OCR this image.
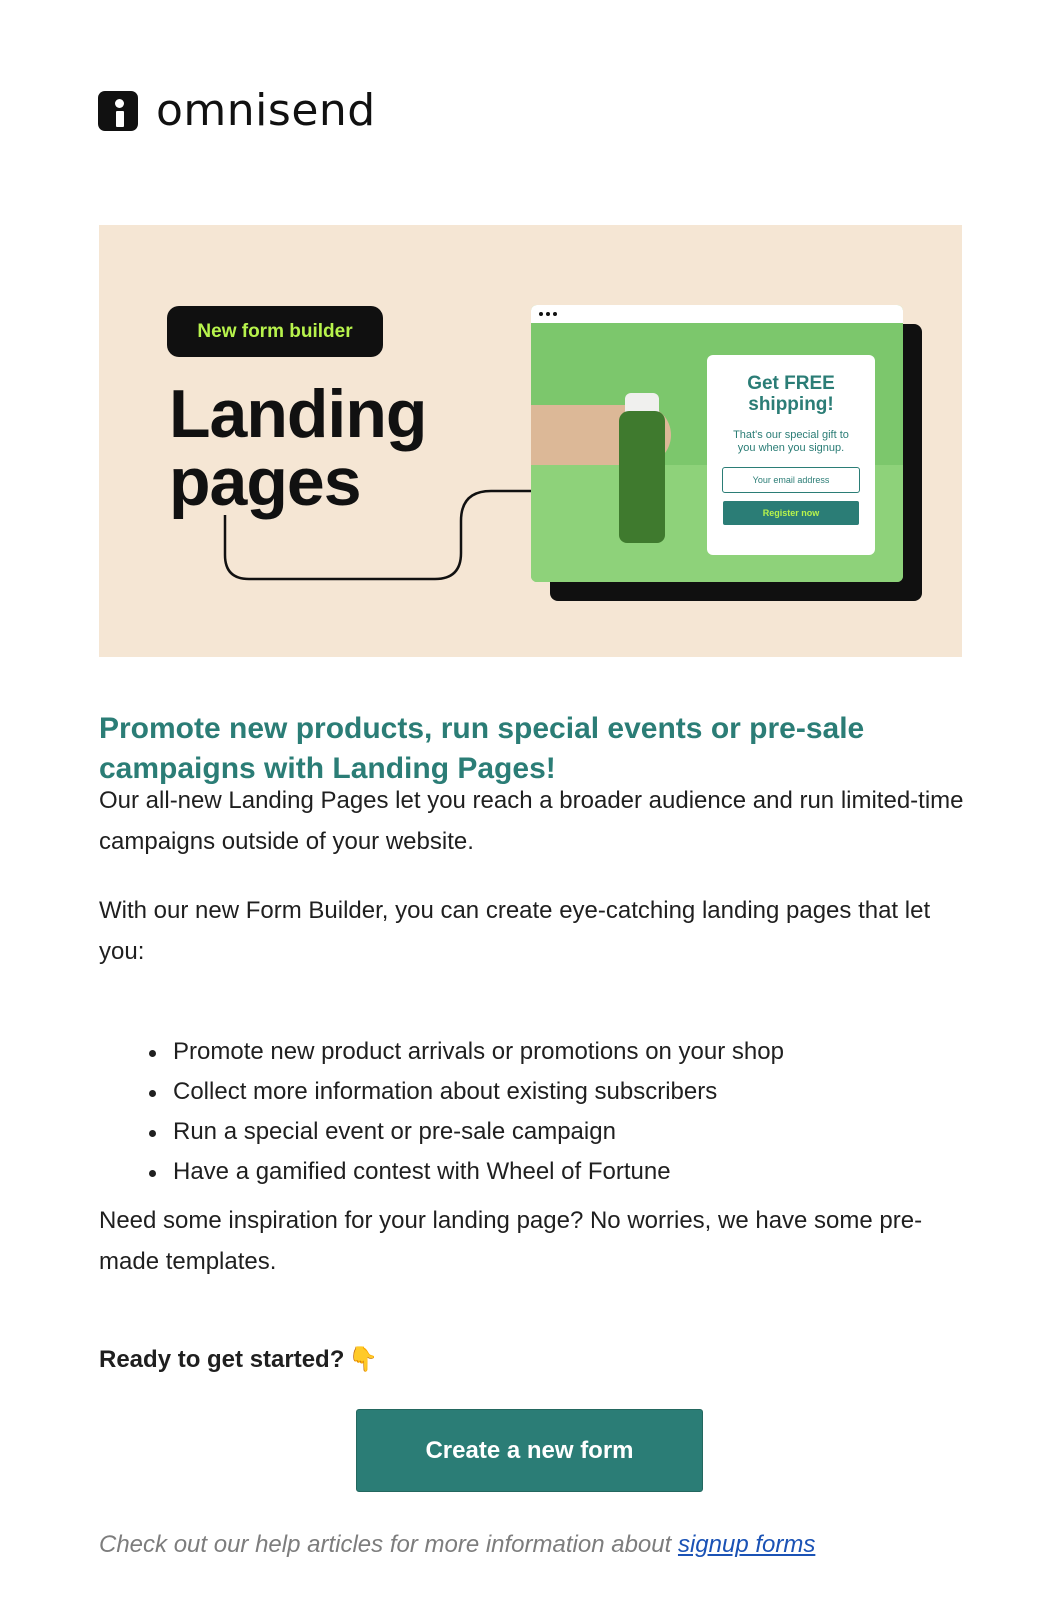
omnisend
New form builder
Landing
pages
Get FREE
shipping!
That's our special gift to you when you signup.
Your email address
Register now
Promote new products, run special events or pre-sale campaigns with Landing Pages!

Our all-new Landing Pages let you reach a broader audience and run limited-time campaigns outside of your website.

With our new Form Builder, you can create eye-catching landing pages that let you:

Promote new product arrivals or promotions on your shop
Collect more information about existing subscribers
Run a special event or pre-sale campaign
Have a gamified contest with Wheel of Fortune

Need some inspiration for your landing page? No worries, we have some pre-made templates.

Ready to get started? 👇
Create a new form
Check out our help articles for more information about signup forms
